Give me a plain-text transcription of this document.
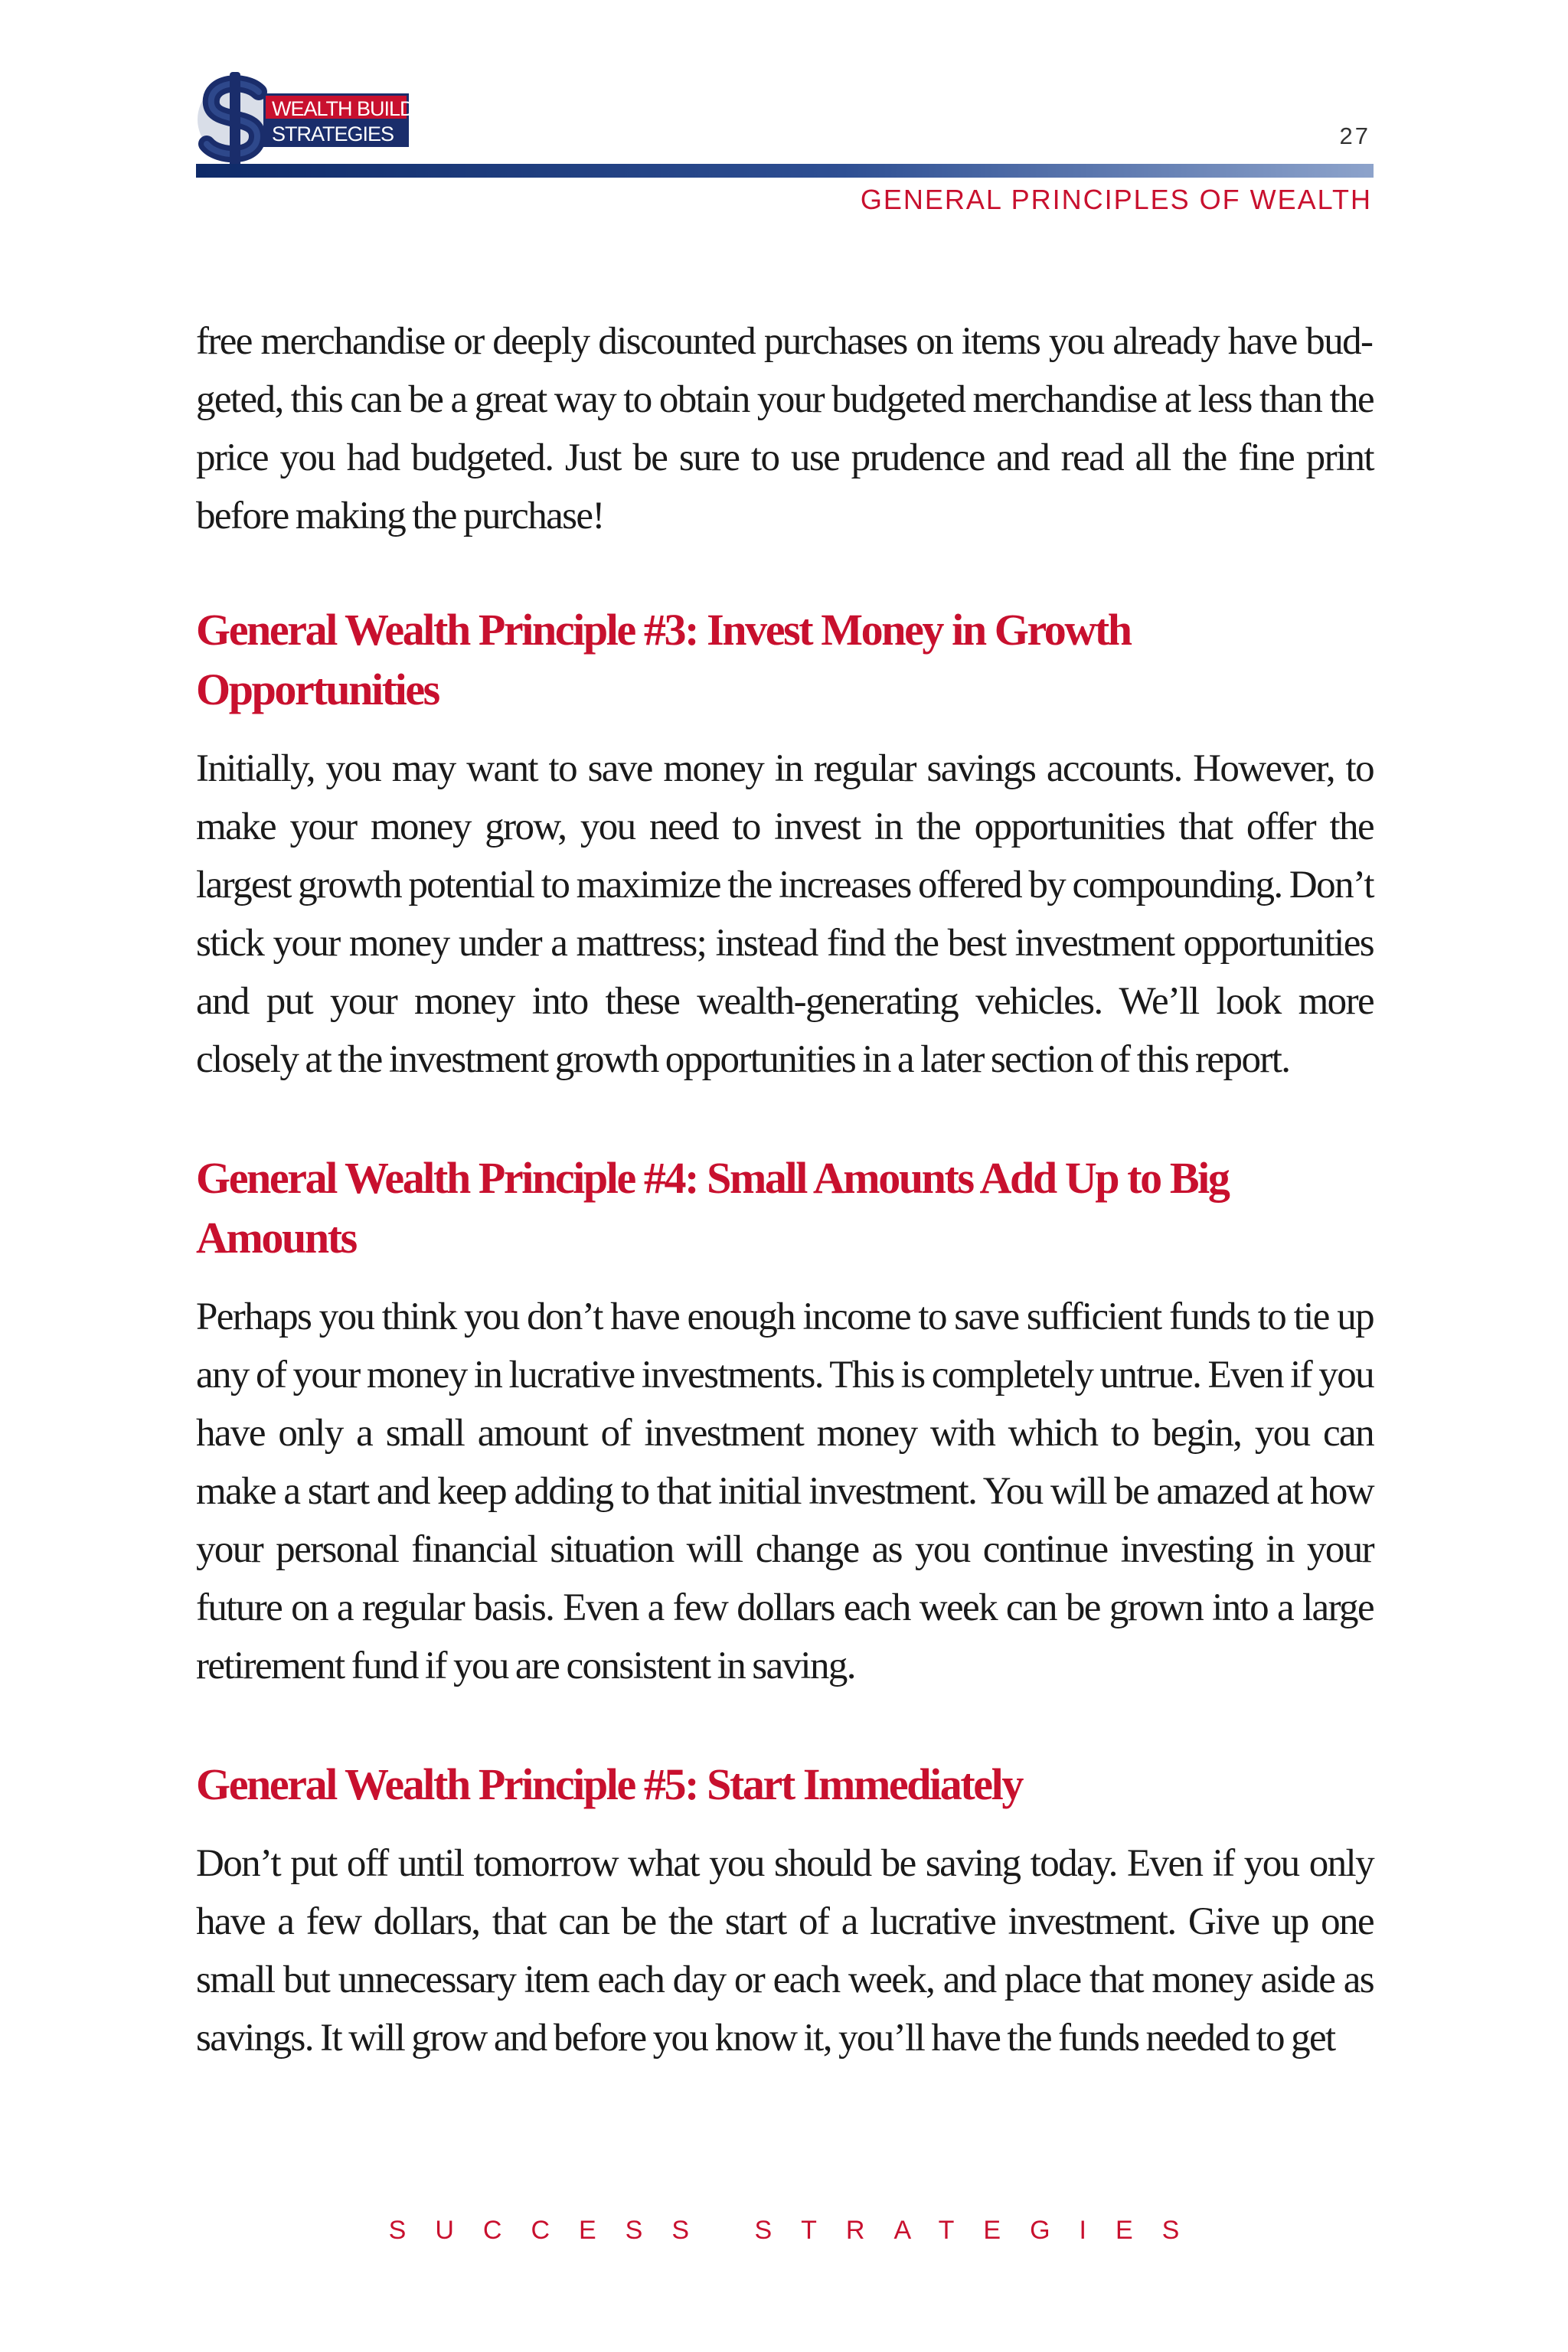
WEALTH BUILDING
STRATEGIES	27
GENERAL PRINCIPLES OF WEALTH

free merchandise or deeply discounted purchases on items you already have budgeted, this can be a great way to obtain your budgeted merchandise at less than the price you had budgeted. Just be sure to use prudence and read all the fine print before making the purchase!

General Wealth Principle #3: Invest Money in Growth Opportunities

Initially, you may want to save money in regular savings accounts. However, to make your money grow, you need to invest in the opportunities that offer the largest growth potential to maximize the increases offered by compounding. Don’t stick your money under a mattress; instead find the best investment opportunities and put your money into these wealth-generating vehicles. We’ll look more closely at the investment growth opportunities in a later section of this report.

General Wealth Principle #4: Small Amounts Add Up to Big Amounts

Perhaps you think you don’t have enough income to save sufficient funds to tie up any of your money in lucrative investments. This is completely untrue. Even if you have only a small amount of investment money with which to begin, you can make a start and keep adding to that initial investment. You will be amazed at how your personal financial situation will change as you continue investing in your future on a regular basis. Even a few dollars each week can be grown into a large retirement fund if you are consistent in saving.

General Wealth Principle #5: Start Immediately

Don’t put off until tomorrow what you should be saving today. Even if you only have a few dollars, that can be the start of a lucrative investment. Give up one small but unnecessary item each day or each week, and place that money aside as savings. It will grow and before you know it, you’ll have the funds needed to get

SUCCESS STRATEGIES
